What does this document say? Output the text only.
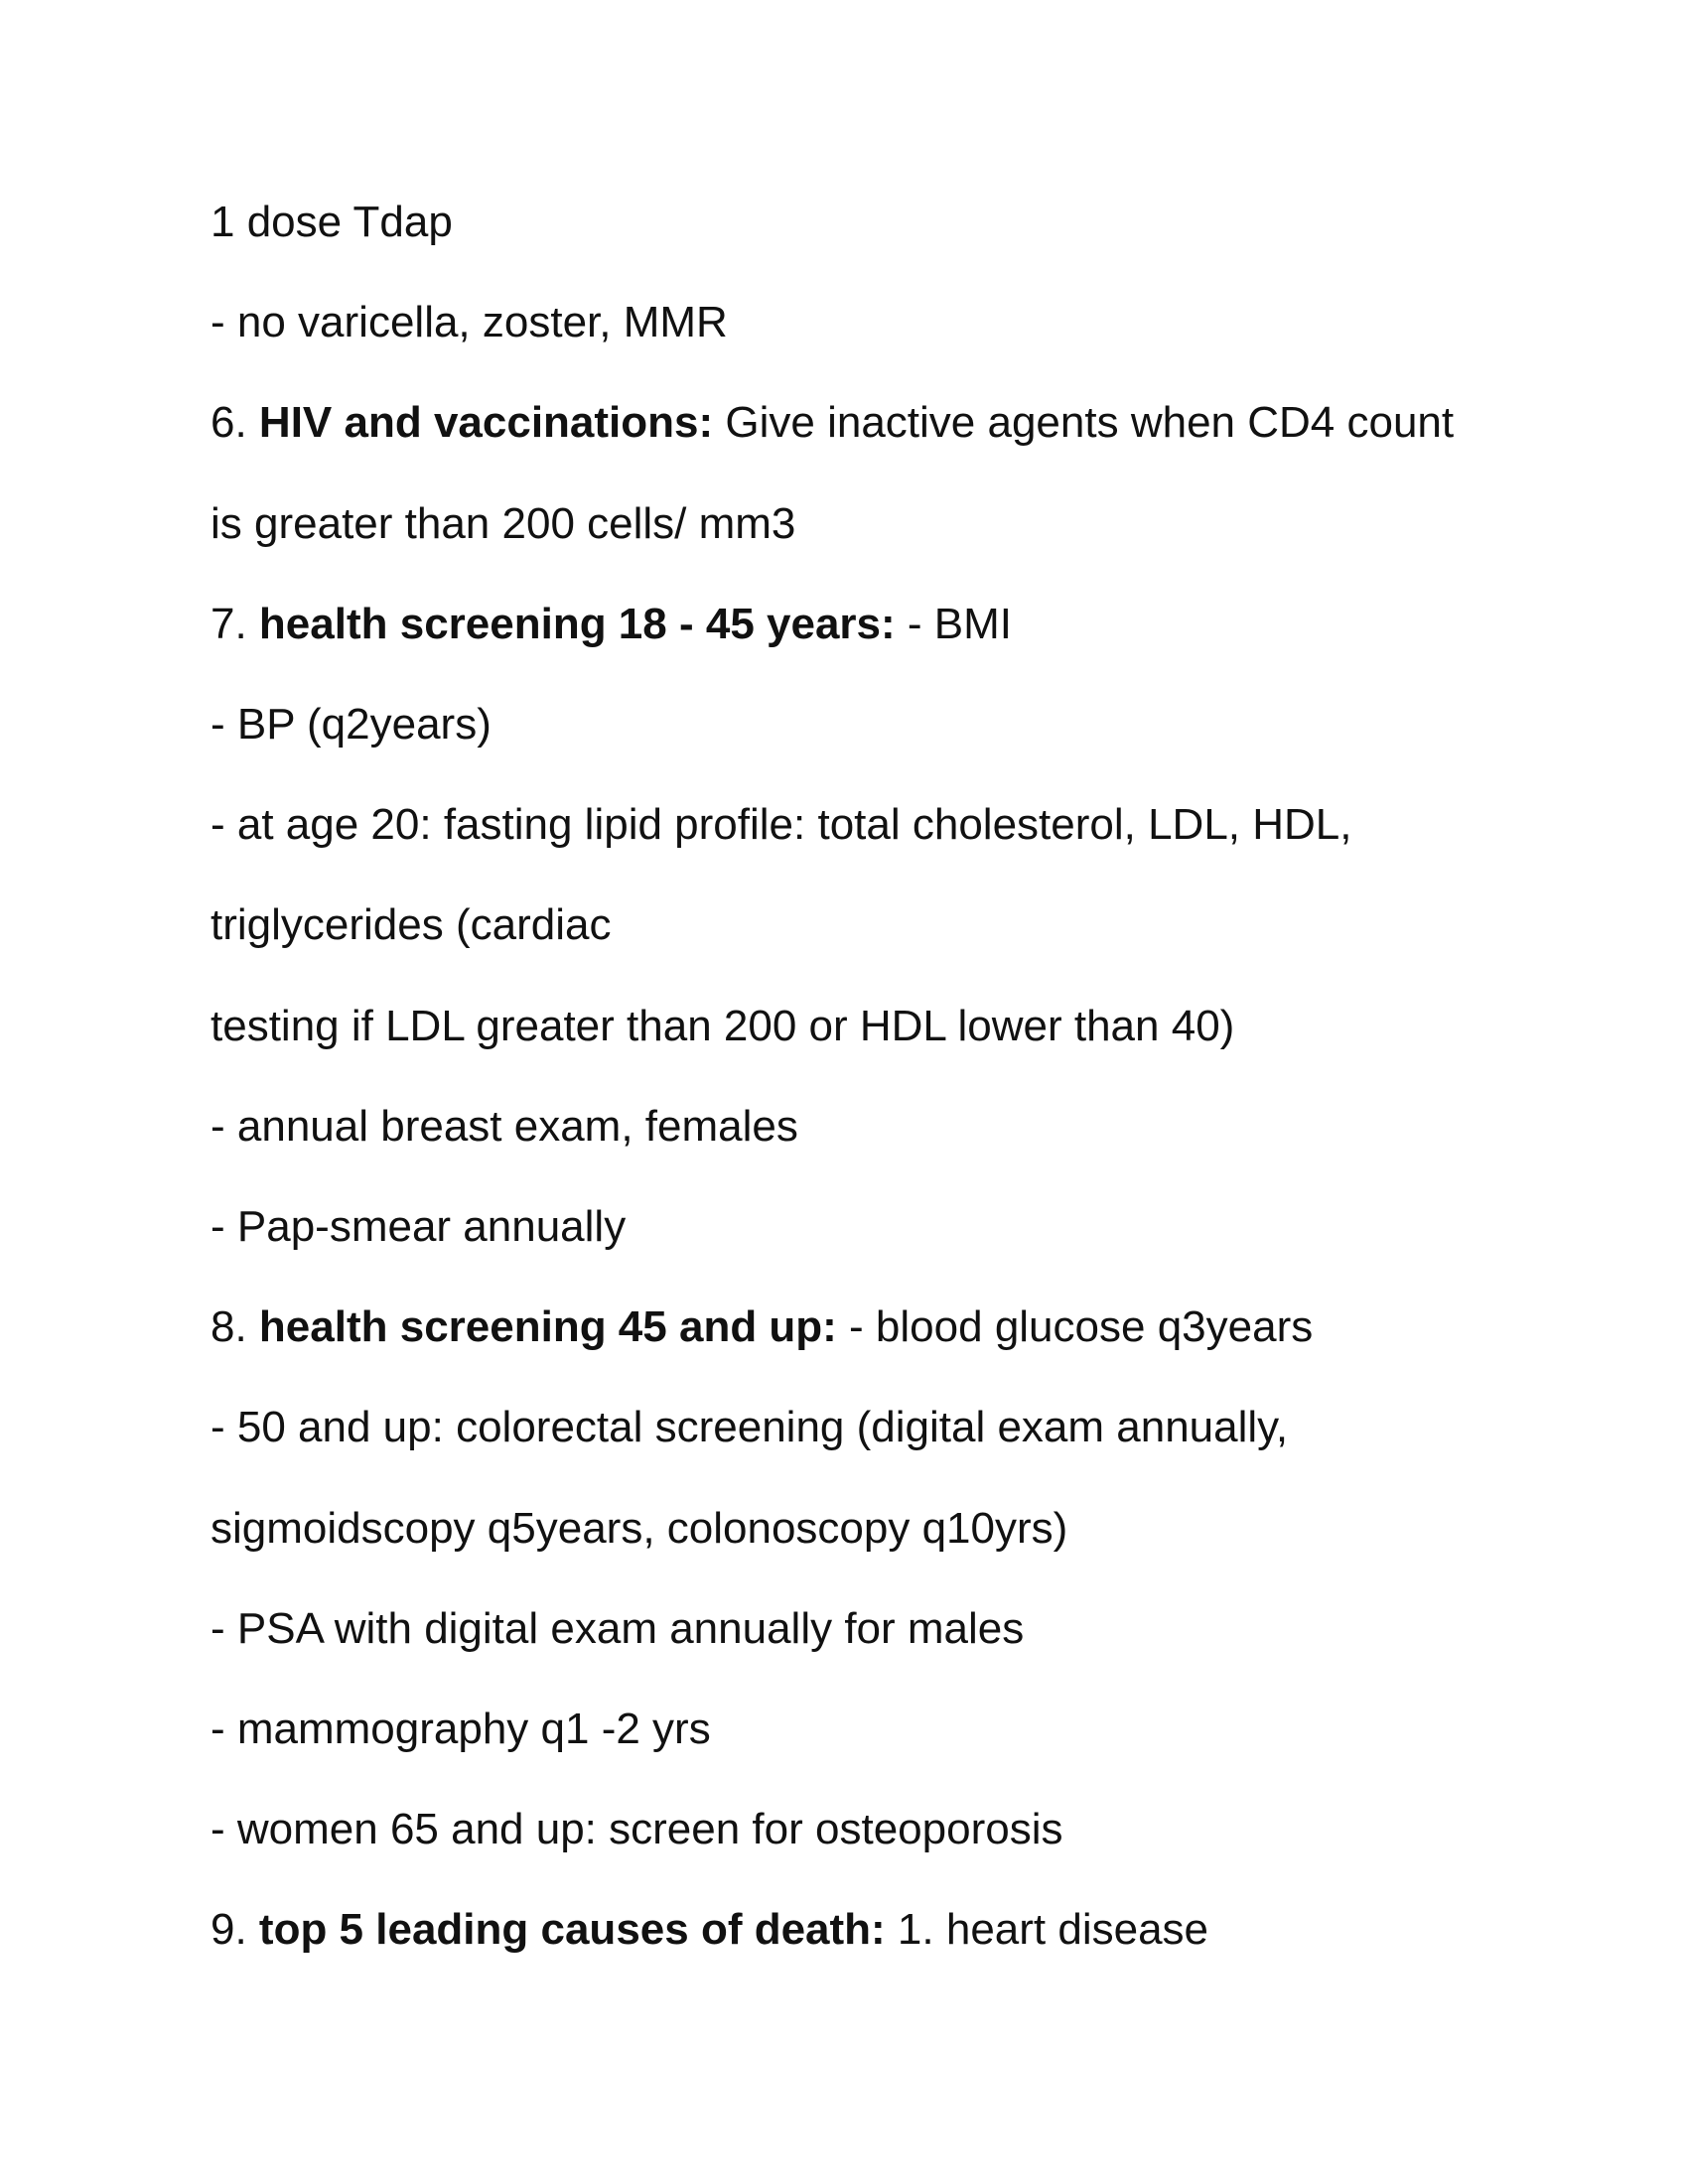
1 dose Tdap
- no varicella, zoster, MMR
6. HIV and vaccinations: Give inactive agents when CD4 count
is greater than 200 cells/ mm3
7. health screening 18 - 45 years: - BMI
- BP (q2years)
- at age 20: fasting lipid profile: total cholesterol, LDL, HDL,
triglycerides (cardiac
testing if LDL greater than 200 or HDL lower than 40)
- annual breast exam, females
- Pap-smear annually
8. health screening 45 and up: - blood glucose q3years
- 50 and up: colorectal screening (digital exam annually,
sigmoidscopy q5years, colonoscopy q10yrs)
- PSA with digital exam annually for males
- mammography q1 -2 yrs
- women 65 and up: screen for osteoporosis
9. top 5 leading causes of death: 1. heart disease
